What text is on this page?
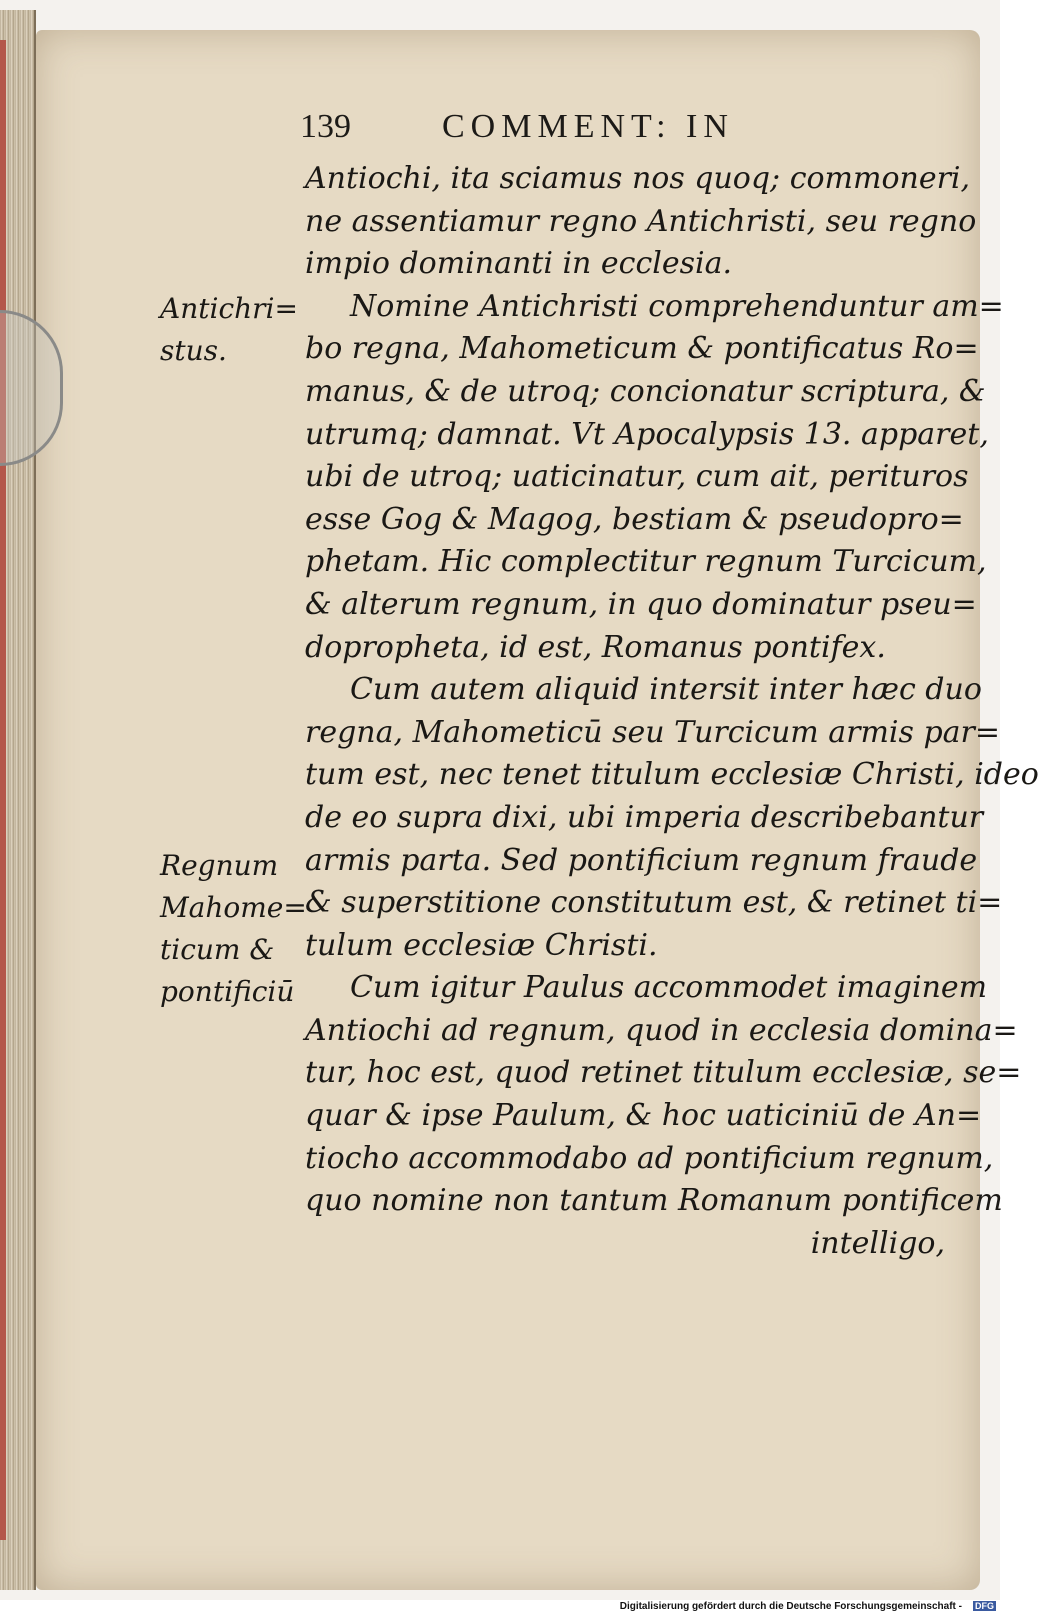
139	COMMENT: IN
Antichri=
stus.
Regnum
Mahome=
ticum &
pontificiū
Antiochi, ita sciamus nos quoq; commoneri,
ne assentiamur regno Antichristi, seu regno
impio dominanti in ecclesia.
Nomine Antichristi comprehenduntur am=
bo regna, Mahometicum & pontificatus Ro=
manus, & de utroq; concionatur scriptura, &
utrumq; damnat. Vt Apocalypsis 13. apparet,
ubi de utroq; uaticinatur, cum ait, perituros
esse Gog & Magog, bestiam & pseudopro=
phetam. Hic complectitur regnum Turcicum,
& alterum regnum, in quo dominatur pseu=
dopropheta, id est, Romanus pontifex.
Cum autem aliquid intersit inter hæc duo
regna, Mahometicū seu Turcicum armis par=
tum est, nec tenet titulum ecclesiæ Christi, ideo
de eo supra dixi, ubi imperia describebantur
armis parta. Sed pontificium regnum fraude
& superstitione constitutum est, & retinet ti=
tulum ecclesiæ Christi.
Cum igitur Paulus accommodet imaginem
Antiochi ad regnum, quod in ecclesia domina=
tur, hoc est, quod retinet titulum ecclesiæ, se=
quar & ipse Paulum, & hoc uaticiniū de An=
tiocho accommodabo ad pontificium regnum,
quo nomine non tantum Romanum pontificem
intelligo,
Digitalisierung gefördert durch die Deutsche Forschungsgemeinschaft - DFG
